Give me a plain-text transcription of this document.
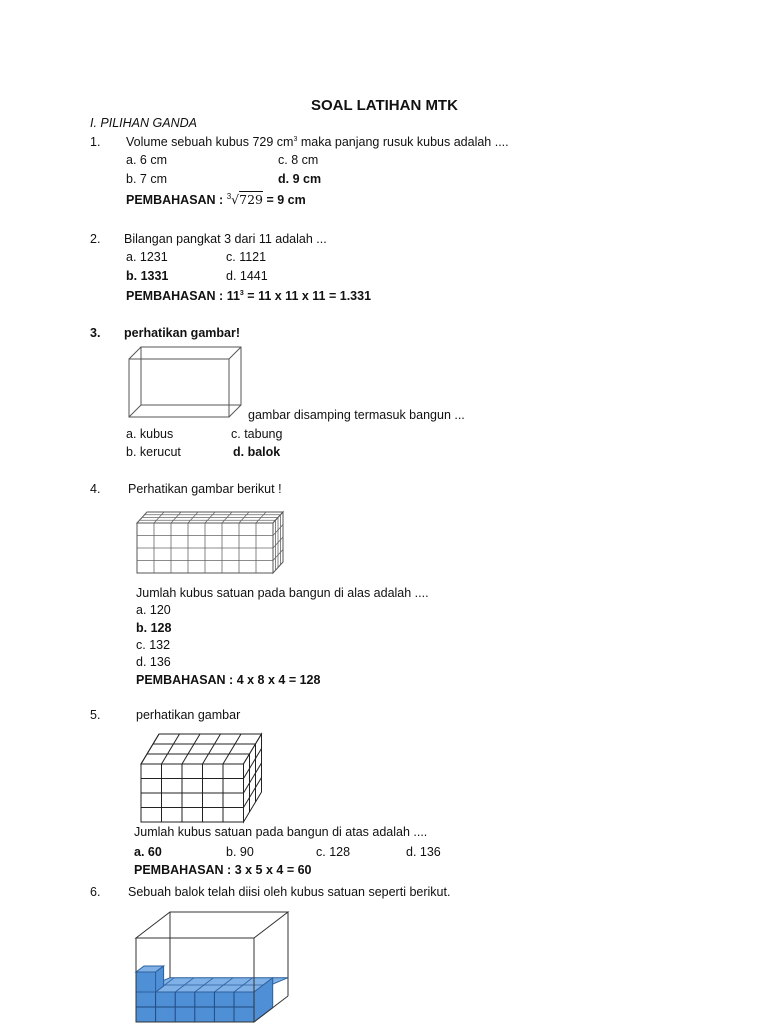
SOAL LATIHAN MTK
I. PILIHAN GANDA
1. Volume sebuah kubus 729 $cm^3$ maka panjang rusuk kubus adalah ....
a. 6 cm	c. 8 cm
b. 7 cm	d. 9 cm
PEMBAHASAN : $^3$√729 = 9 cm
2. Bilangan pangkat 3 dari 11 adalah ...
a. 1231	c. 1121
b. 1331	d. 1441
PEMBAHASAN : $11^3 = 11$ x 11 x 11 = 1.331
3. perhatikan gambar!
gambar disamping termasuk bangun ...
a. kubus	c. tabung
b. kerucut	d. balok
4. Perhatikan gambar berikut !
Jumlah kubus satuan pada bangun di alas adalah ....
a. 120
b. 128
c. 132
d. 136
PEMBAHASAN : 4 x 8 x 4 = 128
5.	perhatikan gambar
Jumlah kubus satuan pada bangun di atas adalah ....
a. 60	b. 90	c. 128	d. 136
PEMBAHASAN : 3 x 5 x 4 = 60
6. Sebuah balok telah diisi oleh kubus satuan seperti berikut.
